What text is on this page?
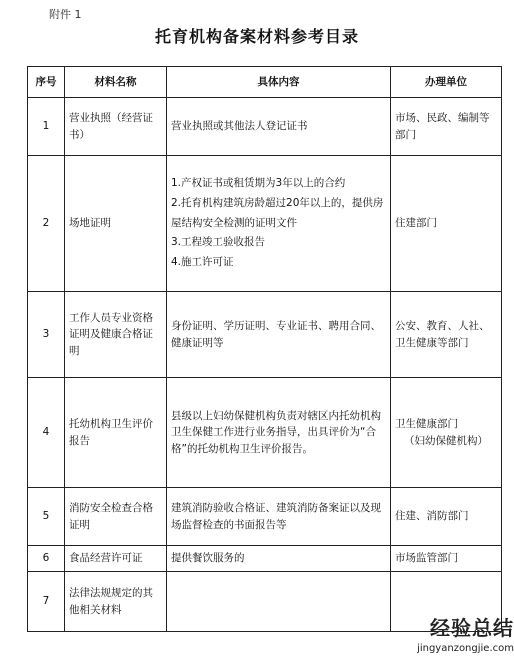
附件 1
托育机构备案材料参考目录
序号	材料名称	具体内容	办理单位
1	营业执照（经营证书）	营业执照或其他法人登记证书	市场、民政、编制等部门
2	场地证明	1.产权证书或租赁期为3年以上的合约
2.托育机构建筑房龄超过20年以上的，提供房屋结构安全检测的证明文件
3.工程竣工验收报告
4.施工许可证	住建部门
3	工作人员专业资格证明及健康合格证明	身份证明、学历证明、专业证书、聘用合同、健康证明等	公安、教育、人社、卫生健康等部门
4	托幼机构卫生评价报告	县级以上妇幼保健机构负责对辖区内托幼机构卫生保健工作进行业务指导，出具评价为“合格”的托幼机构卫生评价报告。	卫生健康部门
（妇幼保健机构）

5	消防安全检查合格证明	建筑消防验收合格证、建筑消防备案证以及现场监督检查的书面报告等	住建、消防部门
6	食品经营许可证	提供餐饮服务的	市场监管部门
7	法律法规规定的其他相关材料	

经验总结
jingyanzongjie.com
